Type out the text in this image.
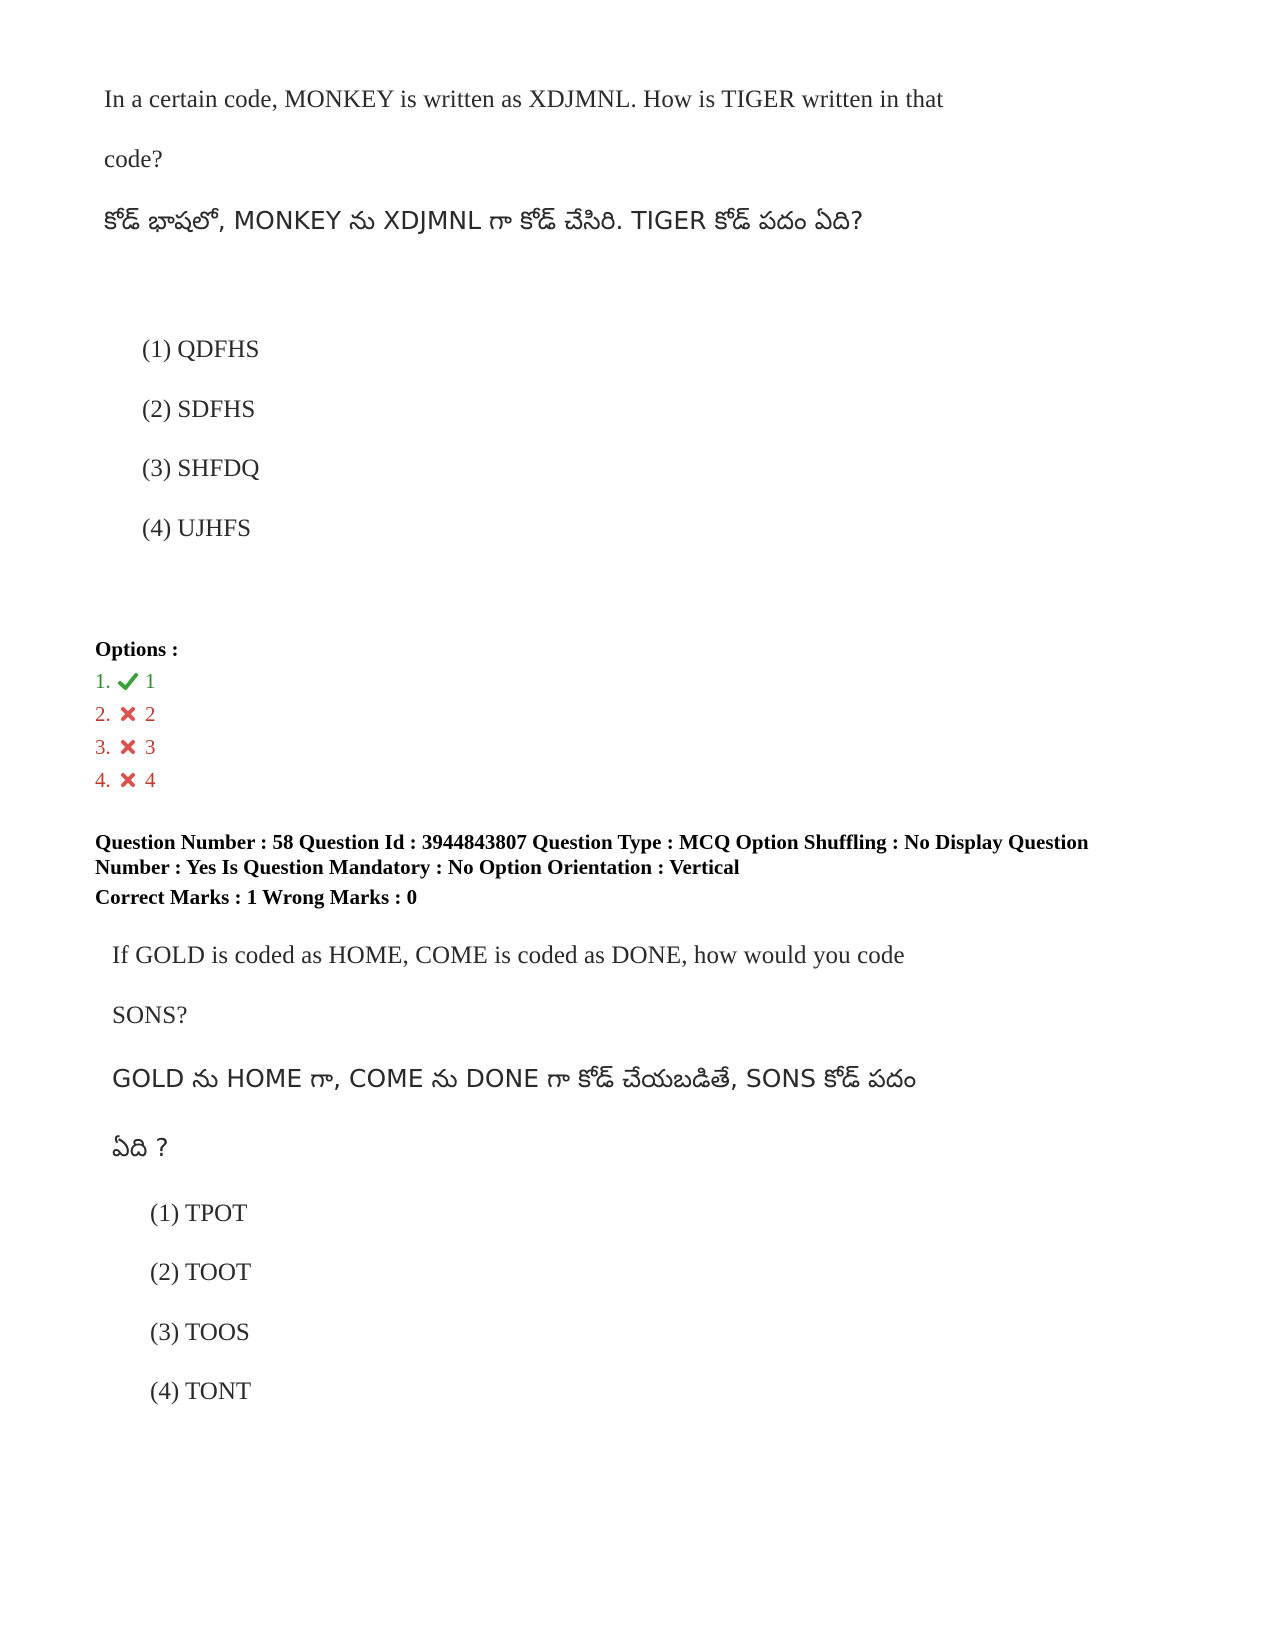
In a certain code, MONKEY is written as XDJMNL. How is TIGER written in that
code?
కోడ్ భాషలో, MONKEY ను XDJMNL గా కోడ్ చేసిరి. TIGER కోడ్ పదం ఏది?
(1) QDFHS
(2) SDFHS
(3) SHFDQ
(4) UJHFS
Options :
1. 1
2. 2
3. 3
4. 4
Question Number : 58 Question Id : 3944843807 Question Type : MCQ Option Shuffling : No Display Question
Number : Yes Is Question Mandatory : No Option Orientation : Vertical
Correct Marks : 1 Wrong Marks : 0
If GOLD is coded as HOME, COME is coded as DONE, how would you code
SONS?
GOLD ను HOME గా, COME ను DONE గా కోడ్ చేయబడితే, SONS కోడ్ పదం
ఏది ?
(1) TPOT
(2) TOOT
(3) TOOS
(4) TONT
